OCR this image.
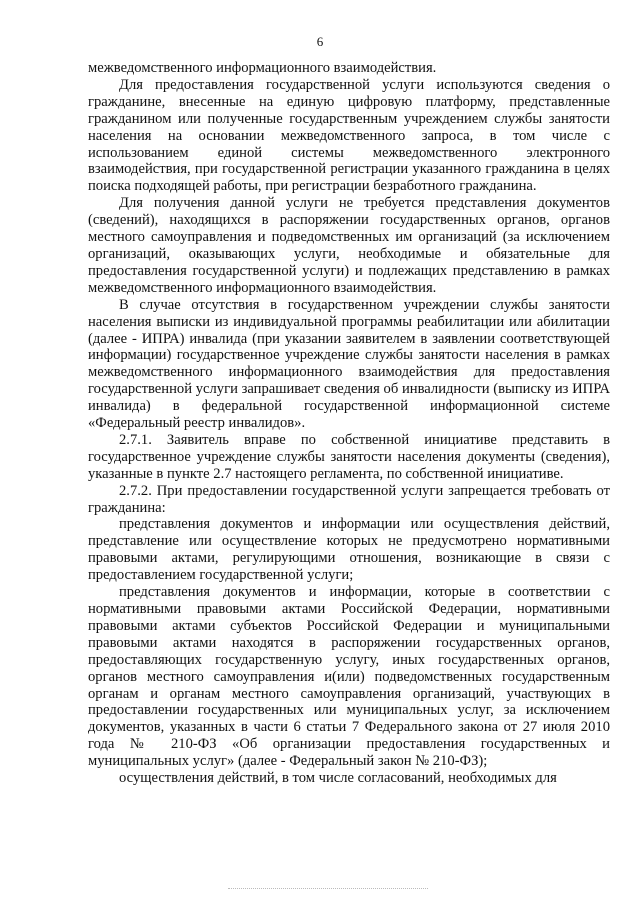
6

межведомственного информационного взаимодействия.

Для предоставления государственной услуги используются сведения о гражданине, внесенные на единую цифровую платформу, представленные гражданином или полученные государственным учреждением службы занятости населения на основании межведомственного запроса, в том числе с использованием единой системы межведомственного электронного взаимодействия, при государственной регистрации указанного гражданина в целях поиска подходящей работы, при регистрации безработного гражданина.

Для получения данной услуги не требуется представления документов (сведений), находящихся в распоряжении государственных органов, органов местного самоуправления и подведомственных им организаций (за исключением организаций, оказывающих услуги, необходимые и обязательные для предоставления государственной услуги) и подлежащих представлению в рамках межведомственного информационного взаимодействия.

В случае отсутствия в государственном учреждении службы занятости населения выписки из индивидуальной программы реабилитации или абилитации (далее - ИПРА) инвалида (при указании заявителем в заявлении соответствующей информации) государственное учреждение службы занятости населения в рамках межведомственного информационного взаимодействия для предоставления государственной услуги запрашивает сведения об инвалидности (выписку из ИПРА инвалида) в федеральной государственной информационной системе «Федеральный реестр инвалидов».

2.7.1. Заявитель вправе по собственной инициативе представить в государственное учреждение службы занятости населения документы (сведения), указанные в пункте 2.7 настоящего регламента, по собственной инициативе.

2.7.2. При предоставлении государственной услуги запрещается требовать от гражданина:

представления документов и информации или осуществления действий, представление или осуществление которых не предусмотрено нормативными правовыми актами, регулирующими отношения, возникающие в связи с предоставлением государственной услуги;

представления документов и информации, которые в соответствии с нормативными правовыми актами Российской Федерации, нормативными правовыми актами субъектов Российской Федерации и муниципальными правовыми актами находятся в распоряжении государственных органов, предоставляющих государственную услугу, иных государственных органов, органов местного самоуправления и(или) подведомственных государственным органам и органам местного самоуправления организаций, участвующих в предоставлении государственных или муниципальных услуг, за исключением документов, указанных в части 6 статьи 7 Федерального закона от 27 июля 2010 года № 210-ФЗ «Об организации предоставления государственных и муниципальных услуг» (далее - Федеральный закон № 210-ФЗ);

осуществления действий, в том числе согласований, необходимых для
